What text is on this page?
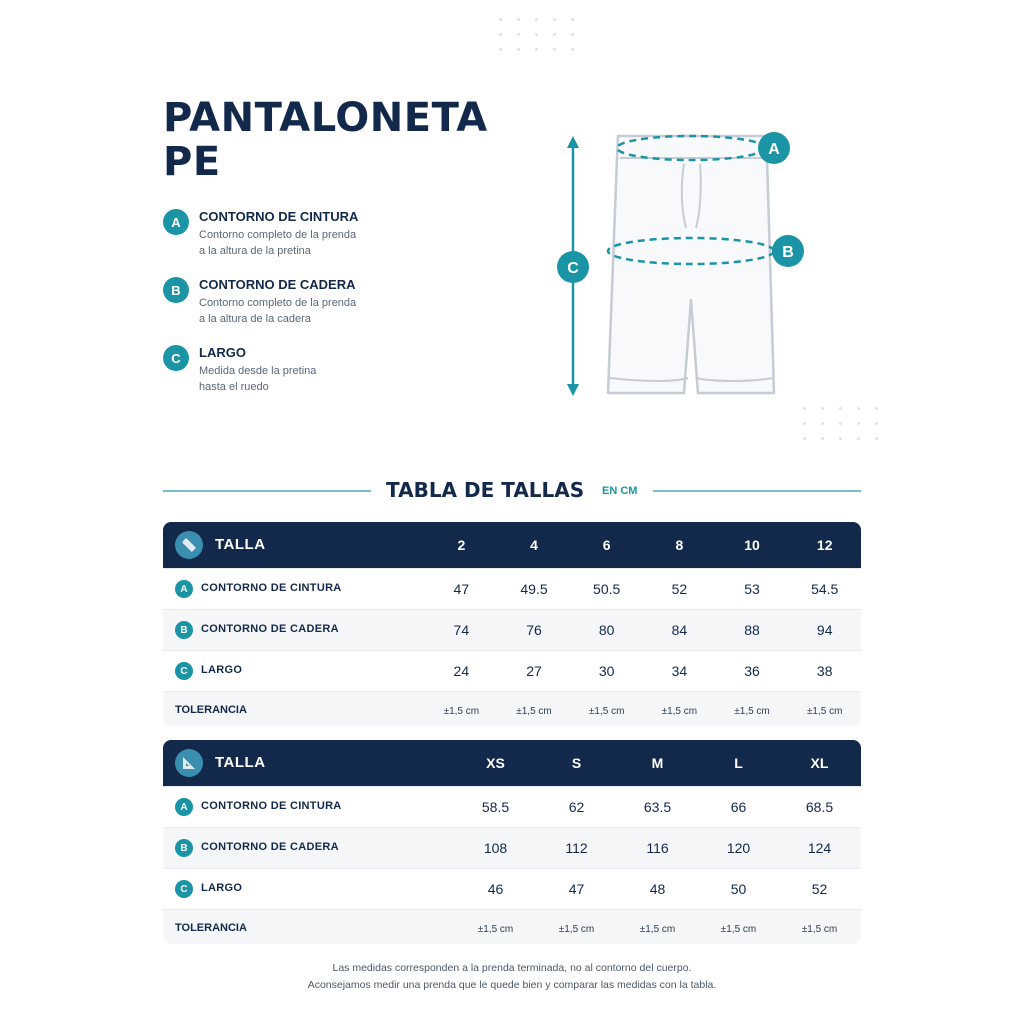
PANTALONETA
PE
A	CONTORNO DE CINTURA
Contorno completo de la prenda
a la altura de la pretina
B	CONTORNO DE CADERA
Contorno completo de la prenda
a la altura de la cadera
C	LARGO
Medida desde la pretina
hasta el ruedo
A
B
C
TABLA DE TALLAS EN CM
TALLA	2	4	6	8	10	12
A	CONTORNO DE CINTURA	47	49.5	50.5	52	53	54.5
B	CONTORNO DE CADERA	74	76	80	84	88	94
C	LARGO	24	27	30	34	36	38
TOLERANCIA	±1,5 cm	±1,5 cm	±1,5 cm	±1,5 cm	±1,5 cm	±1,5 cm
TALLA	XS	S	M	L	XL
A	CONTORNO DE CINTURA	58.5	62	63.5	66	68.5
B	CONTORNO DE CADERA	108	112	116	120	124
C	LARGO	46	47	48	50	52
TOLERANCIA	±1,5 cm	±1,5 cm	±1,5 cm	±1,5 cm	±1,5 cm
Las medidas corresponden a la prenda terminada, no al contorno del cuerpo.
Aconsejamos medir una prenda que le quede bien y comparar las medidas con la tabla.
